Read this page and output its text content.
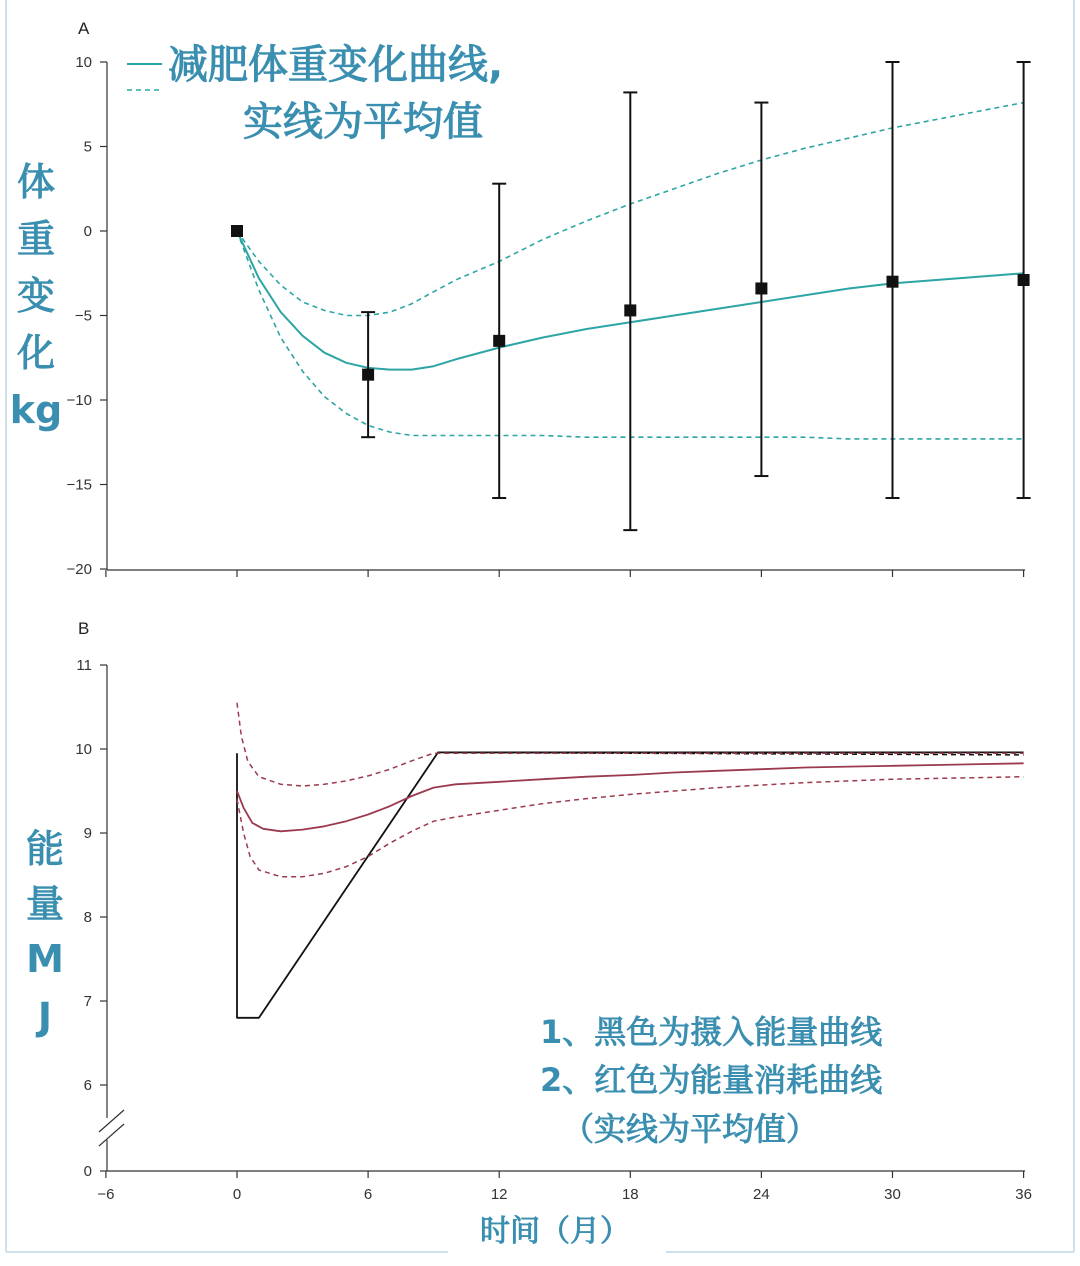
A
10
5
0
−5
−10
−15
−20
减肥体重变化曲线,
实线为平均值
体
重
变
化
kg
B
11
10
9
8
7
6
0
−6	0	6	12	18	24	30	36
能
量
M
J	1、黑色为摄入能量曲线
2、红色为能量消耗曲线
（实线为平均值）
时间（月）
